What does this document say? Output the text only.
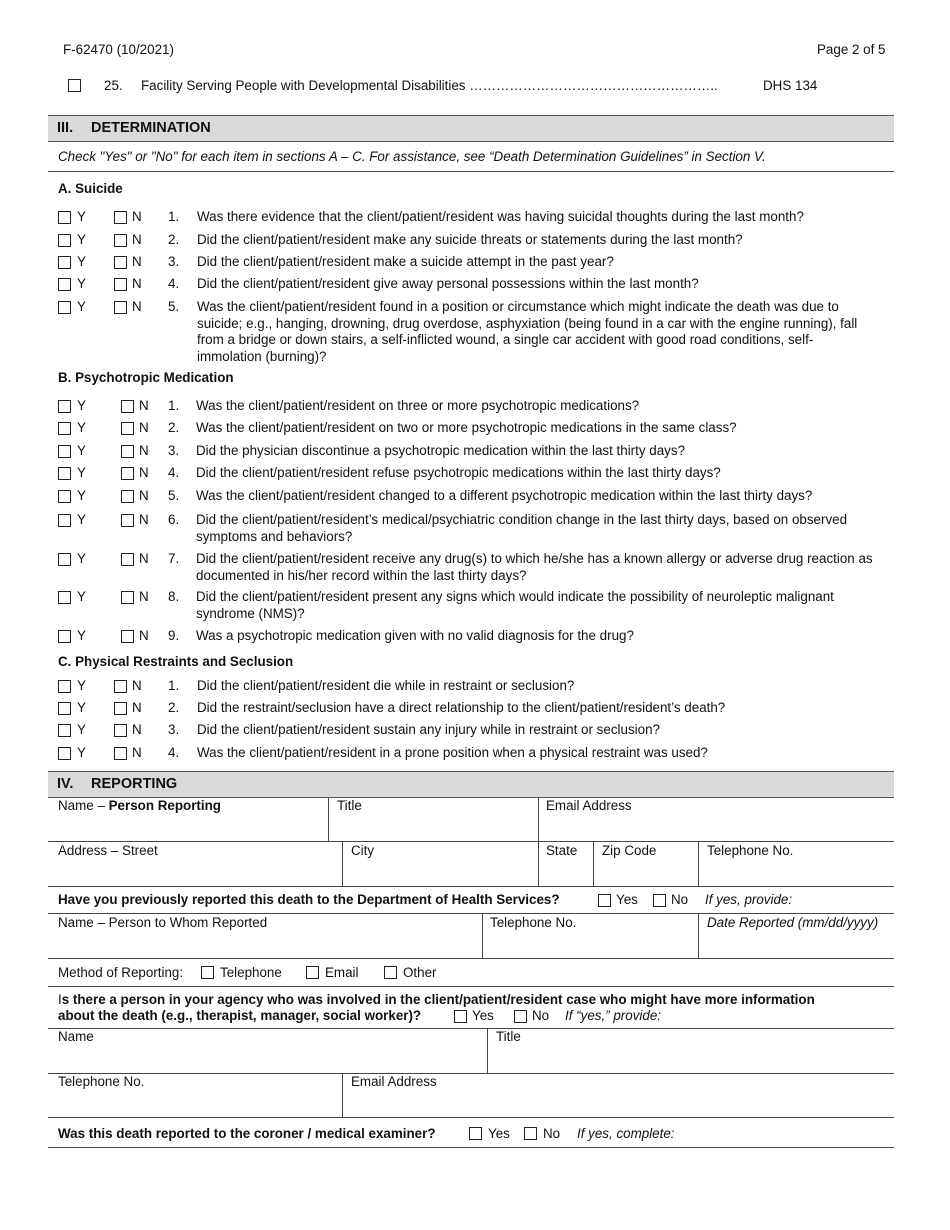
F-62470 (10/2021)	Page 2 of 5
25. Facility Serving People with Developmental Disabilities ………………………………………………..	DHS 134
III. DETERMINATION
Check "Yes" or "No" for each item in sections A – C. For assistance, see “Death Determination Guidelines” in Section V.
A. Suicide
Y	N 1. Was there evidence that the client/patient/resident was having suicidal thoughts during the last month?
Y	N 2. Did the client/patient/resident make any suicide threats or statements during the last month?
Y	N 3. Did the client/patient/resident make a suicide attempt in the past year?
Y	N 4. Did the client/patient/resident give away personal possessions within the last month?
Y	N 5. Was the client/patient/resident found in a position or circumstance which might indicate the death was due to suicide; e.g., hanging, drowning, drug overdose, asphyxiation (being found in a car with the engine running), fall from a bridge or down stairs, a self-inflicted wound, a single car accident with good road conditions, self-immolation (burning)?
Y	N 1. Was the client/patient/resident on three or more psychotropic medications?
Y	N 2. Was the client/patient/resident on two or more psychotropic medications in the same class?
Y	N 3. Did the physician discontinue a psychotropic medication within the last thirty days?
Y	N 4. Did the client/patient/resident refuse psychotropic medications within the last thirty days?
Y	N 5. Was the client/patient/resident changed to a different psychotropic medication within the last thirty days?
Y	N 6. Did the client/patient/resident’s medical/psychiatric condition change in the last thirty days, based on observed symptoms and behaviors?
Y	N 7. Did the client/patient/resident receive any drug(s) to which he/she has a known allergy or adverse drug reaction as documented in his/her record within the last thirty days?
Y	N 8. Did the client/patient/resident present any signs which would indicate the possibility of neuroleptic malignant syndrome (NMS)?
Y	N 9. Was a psychotropic medication given with no valid diagnosis for the drug?
Y	N 1. Did the client/patient/resident die while in restraint or seclusion?
Y	N 2. Did the restraint/seclusion have a direct relationship to the client/patient/resident’s death?
Y	N 3. Did the client/patient/resident sustain any injury while in restraint or seclusion?
Y	N 4. Was the client/patient/resident in a prone position when a physical restraint was used?
B. Psychotropic Medication
C. Physical Restraints and Seclusion
IV. REPORTING
Name – Person Reporting	Title	Email Address
Address – Street	City	State Zip Code	Telephone No.
Have you previously reported this death to the Department of Health Services?	Yes No If yes, provide:
Name – Person to Whom Reported	Telephone No.	Date Reported (mm/dd/yyyy)
Method of Reporting:	Telephone	Email	Other
Is there a person in your agency who was involved in the client/patient/resident case who might have more information
about the death (e.g., therapist, manager, social worker)?	Yes	No If “yes,” provide:
Name	Title
Telephone No.	Email Address
Was this death reported to the coroner / medical examiner?	Yes No If yes, complete:
